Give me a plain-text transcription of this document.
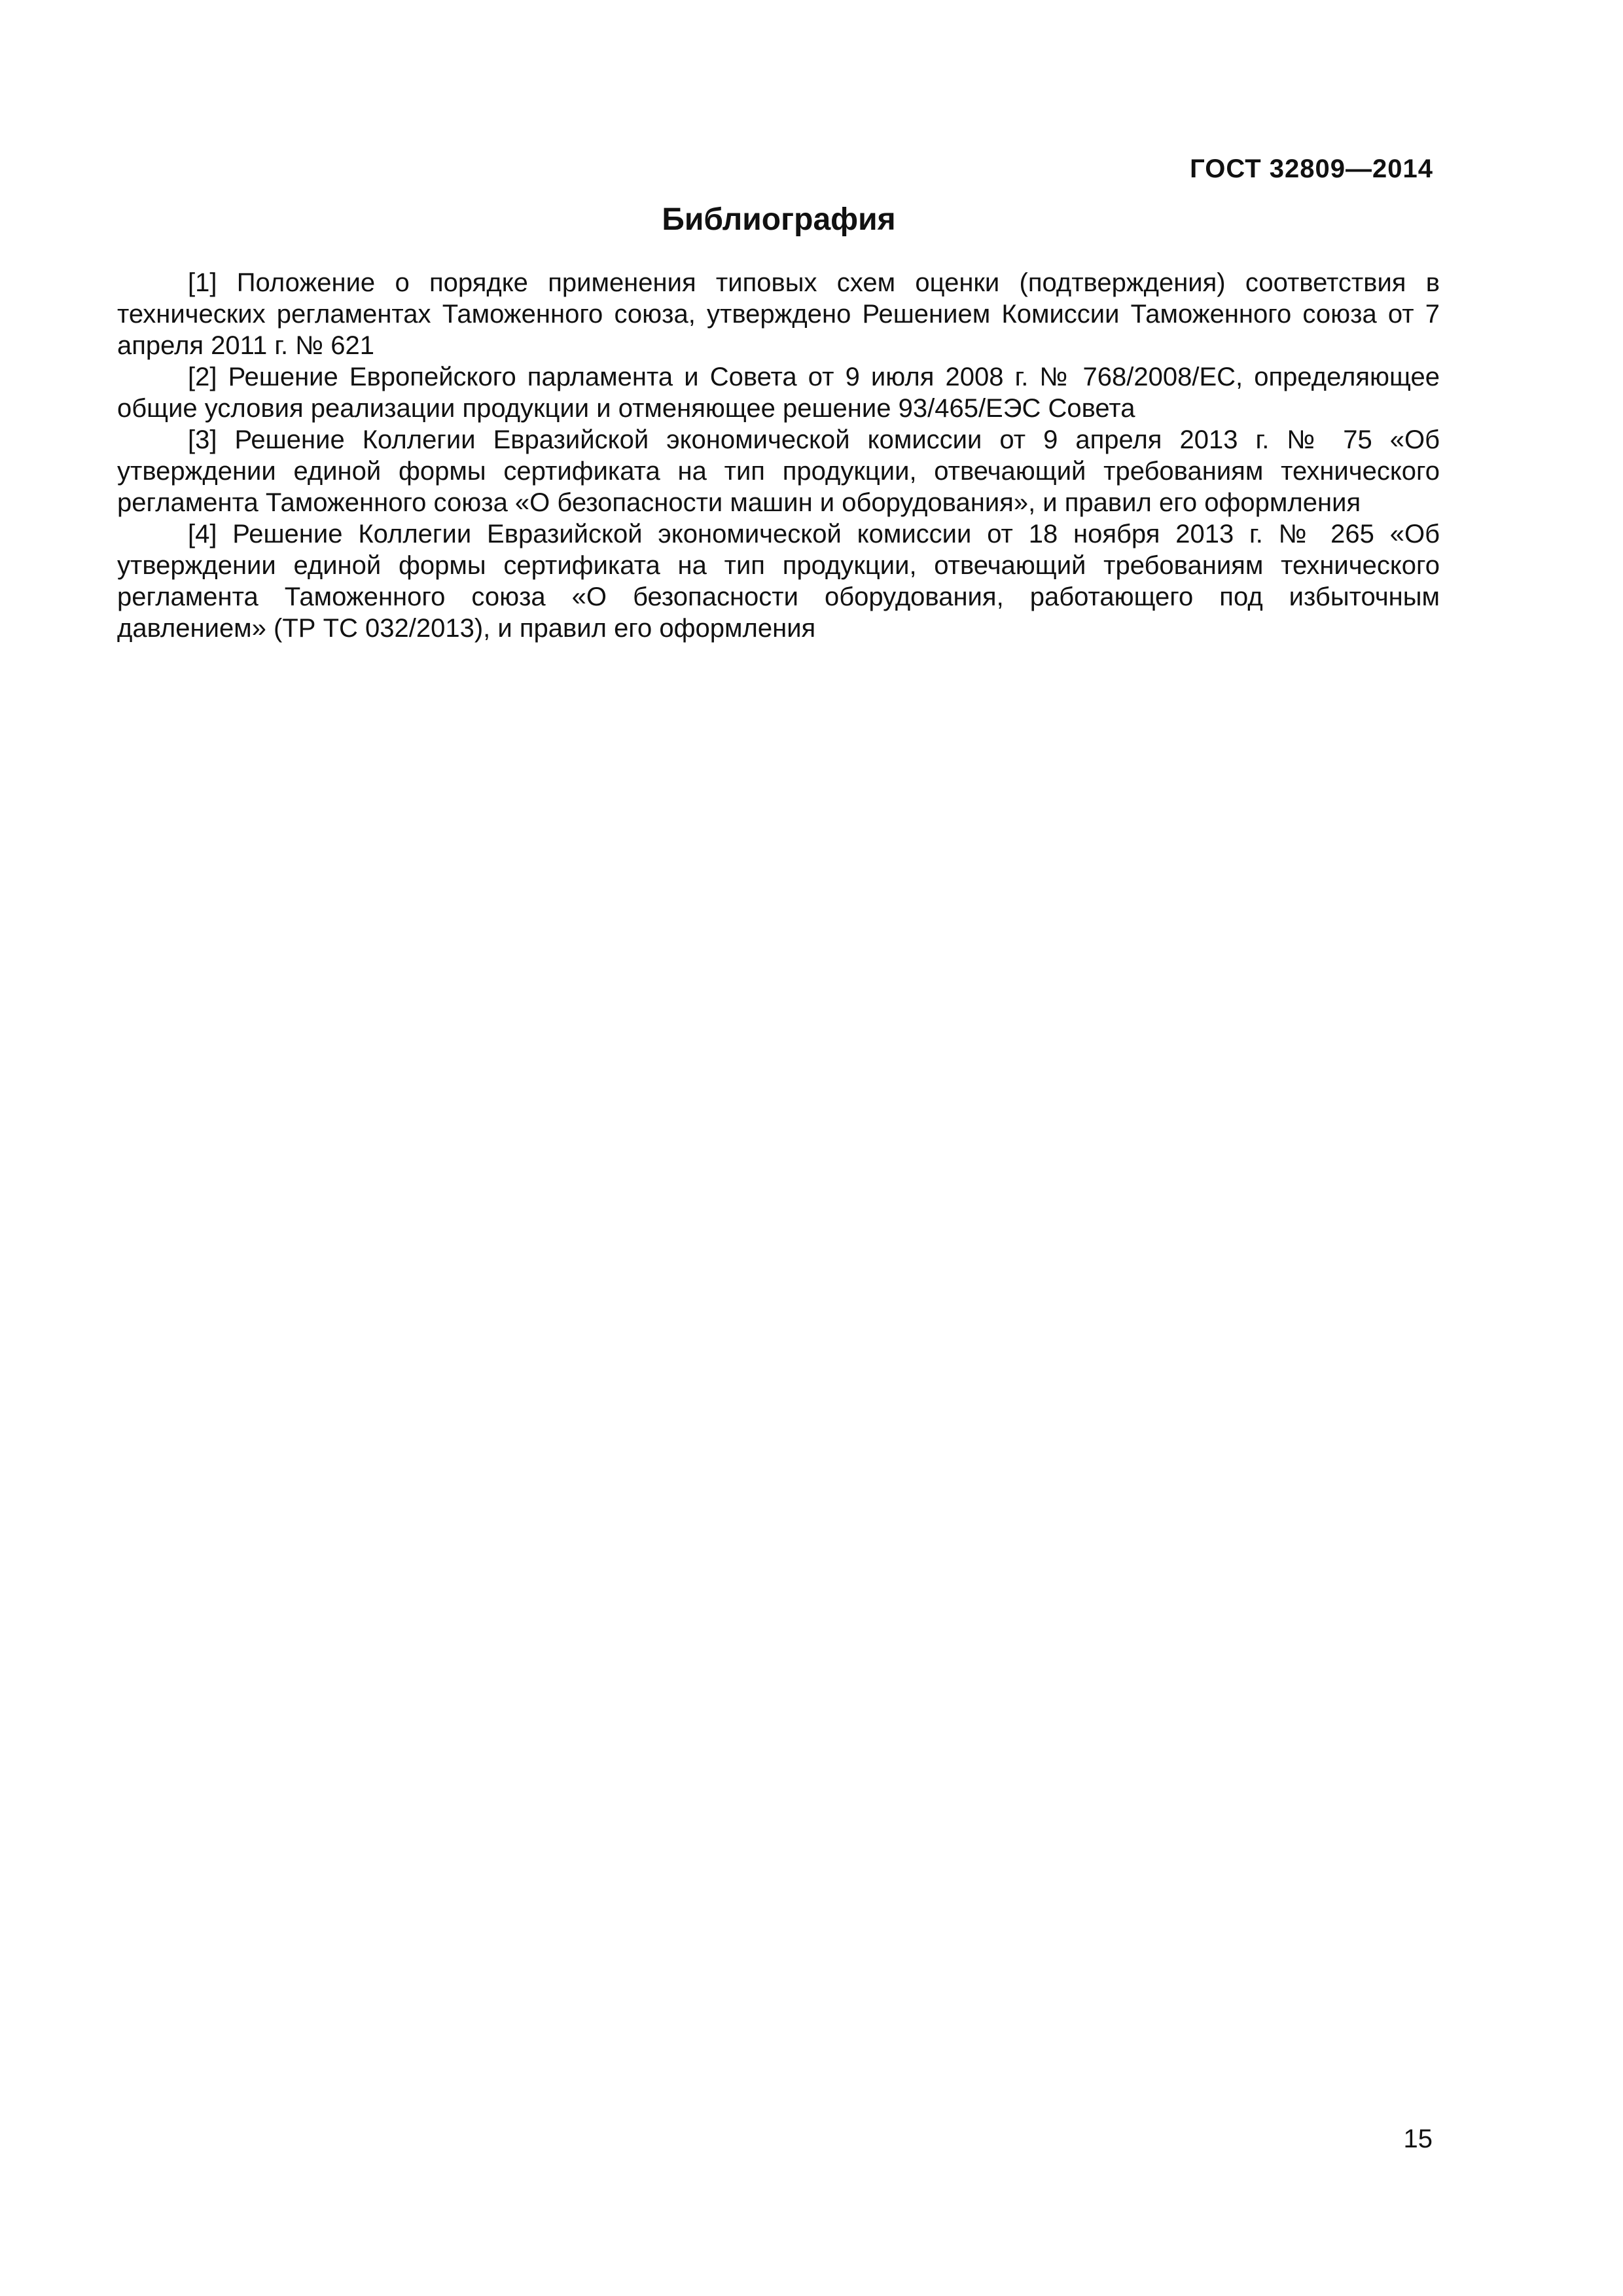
ГОСТ 32809—2014
Библиография

[1] Положение о порядке применения типовых схем оценки (подтверждения) соответствия в технических регламентах Таможенного союза, утверждено Решением Комиссии Таможенного союза от 7 апреля 2011 г. № 621

[2] Решение Европейского парламента и Совета от 9 июля 2008 г. № 768/2008/ЕС, определяющее общие условия реализации продукции и отменяющее решение 93/465/ЕЭС Совета

[3] Решение Коллегии Евразийской экономической комиссии от 9 апреля 2013 г. № 75 «Об утверждении единой формы сертификата на тип продукции, отвечающий требованиям технического регламента Таможенного союза «О безопасности машин и оборудования», и правил его оформления

[4] Решение Коллегии Евразийской экономической комиссии от 18 ноября 2013 г. № 265 «Об утверждении единой формы сертификата на тип продукции, отвечающий требованиям технического регламента Таможенного союза «О безопасности оборудования, работающего под избыточным давлением» (ТР ТС 032/2013), и правил его оформления

15
